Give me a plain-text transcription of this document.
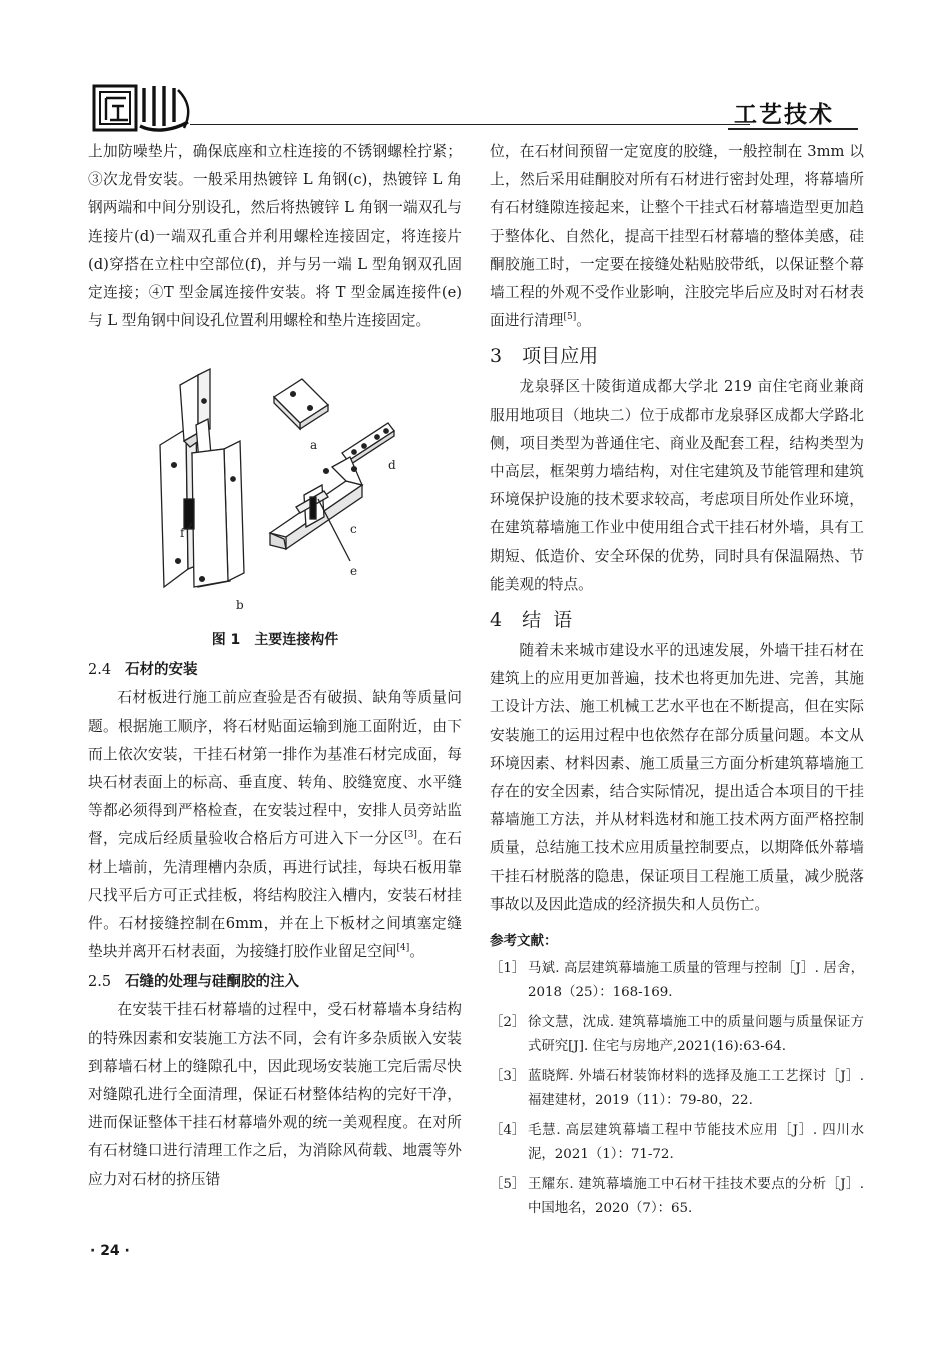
工艺技术

上加防噪垫片，确保底座和立柱连接的不锈钢螺栓拧紧；③次龙骨安装。一般采用热镀锌 L 角钢(c)，热镀锌 L 角钢两端和中间分别设孔，然后将热镀锌 L 角钢一端双孔与连接片(d)一端双孔重合并利用螺栓连接固定，将连接片(d)穿搭在立柱中空部位(f)，并与另一端 L 型角钢双孔固定连接；④T 型金属连接件安装。将 T 型金属连接件(e)与 L 型角钢中间设孔位置利用螺栓和垫片连接固定。

a
b
c
d
e
f

图 1 主要连接构件

2.4 石材的安装

石材板进行施工前应查验是否有破损、缺角等质量问题。根据施工顺序，将石材贴面运输到施工面附近，由下而上依次安装，干挂石材第一排作为基准石材完成面，每块石材表面上的标高、垂直度、转角、胶缝宽度、水平缝等都必须得到严格检查，在安装过程中，安排人员旁站监督，完成后经质量验收合格后方可进入下一分区[3]。在石材上墙前，先清理槽内杂质，再进行试挂，每块石板用靠尺找平后方可正式挂板，将结构胶注入槽内，安装石材挂件。石材接缝控制在6mm，并在上下板材之间填塞定缝垫块并离开石材表面，为接缝打胶作业留足空间[4]。

2.5 石缝的处理与硅酮胶的注入

在安装干挂石材幕墙的过程中，受石材幕墙本身结构的特殊因素和安装施工方法不同，会有许多杂质嵌入安装到幕墙石材上的缝隙孔中，因此现场安装施工完后需尽快对缝隙孔进行全面清理，保证石材整体结构的完好干净，进而保证整体干挂石材幕墙外观的统一美观程度。在对所有石材缝口进行清理工作之后，为消除风荷载、地震等外应力对石材的挤压错

位，在石材间预留一定宽度的胶缝，一般控制在 3mm 以上，然后采用硅酮胶对所有石材进行密封处理，将幕墙所有石材缝隙连接起来，让整个干挂式石材幕墙造型更加趋于整体化、自然化，提高干挂型石材幕墙的整体美感，硅酮胶施工时，一定要在接缝处粘贴胶带纸，以保证整个幕墙工程的外观不受作业影响，注胶完毕后应及时对石材表面进行清理[5]。

3 项目应用

龙泉驿区十陵街道成都大学北 219 亩住宅商业兼商服用地项目（地块二）位于成都市龙泉驿区成都大学路北侧，项目类型为普通住宅、商业及配套工程，结构类型为中高层，框架剪力墙结构，对住宅建筑及节能管理和建筑环境保护设施的技术要求较高，考虑项目所处作业环境，在建筑幕墙施工作业中使用组合式干挂石材外墙，具有工期短、低造价、安全环保的优势，同时具有保温隔热、节能美观的特点。

4 结  语

随着未来城市建设水平的迅速发展，外墙干挂石材在建筑上的应用更加普遍，技术也将更加先进、完善，其施工设计方法、施工机械工艺水平也在不断提高，但在实际安装施工的运用过程中也依然存在部分质量问题。本文从环境因素、材料因素、施工质量三方面分析建筑幕墙施工存在的安全因素，结合实际情况，提出适合本项目的干挂幕墙施工方法，并从材料选材和施工技术两方面严格控制质量，总结施工技术应用质量控制要点，以期降低外幕墙干挂石材脱落的隐患，保证项目工程施工质量，减少脱落事故以及因此造成的经济损失和人员伤亡。

参考文献：
［1］ 马斌. 高层建筑幕墙施工质量的管理与控制［J］. 居舍，2018（25）：168-169.
［2］ 徐文慧，沈成. 建筑幕墙施工中的质量问题与质量保证方式研究[J]. 住宅与房地产,2021(16):63-64.
［3］ 蓝晓辉. 外墙石材装饰材料的选择及施工工艺探讨［J］. 福建建材，2019（11）：79-80，22.
［4］ 毛慧. 高层建筑幕墙工程中节能技术应用［J］. 四川水泥，2021（1）：71-72.
［5］ 王耀东. 建筑幕墙施工中石材干挂技术要点的分析［J］. 中国地名，2020（7）：65.
· 24 ·
